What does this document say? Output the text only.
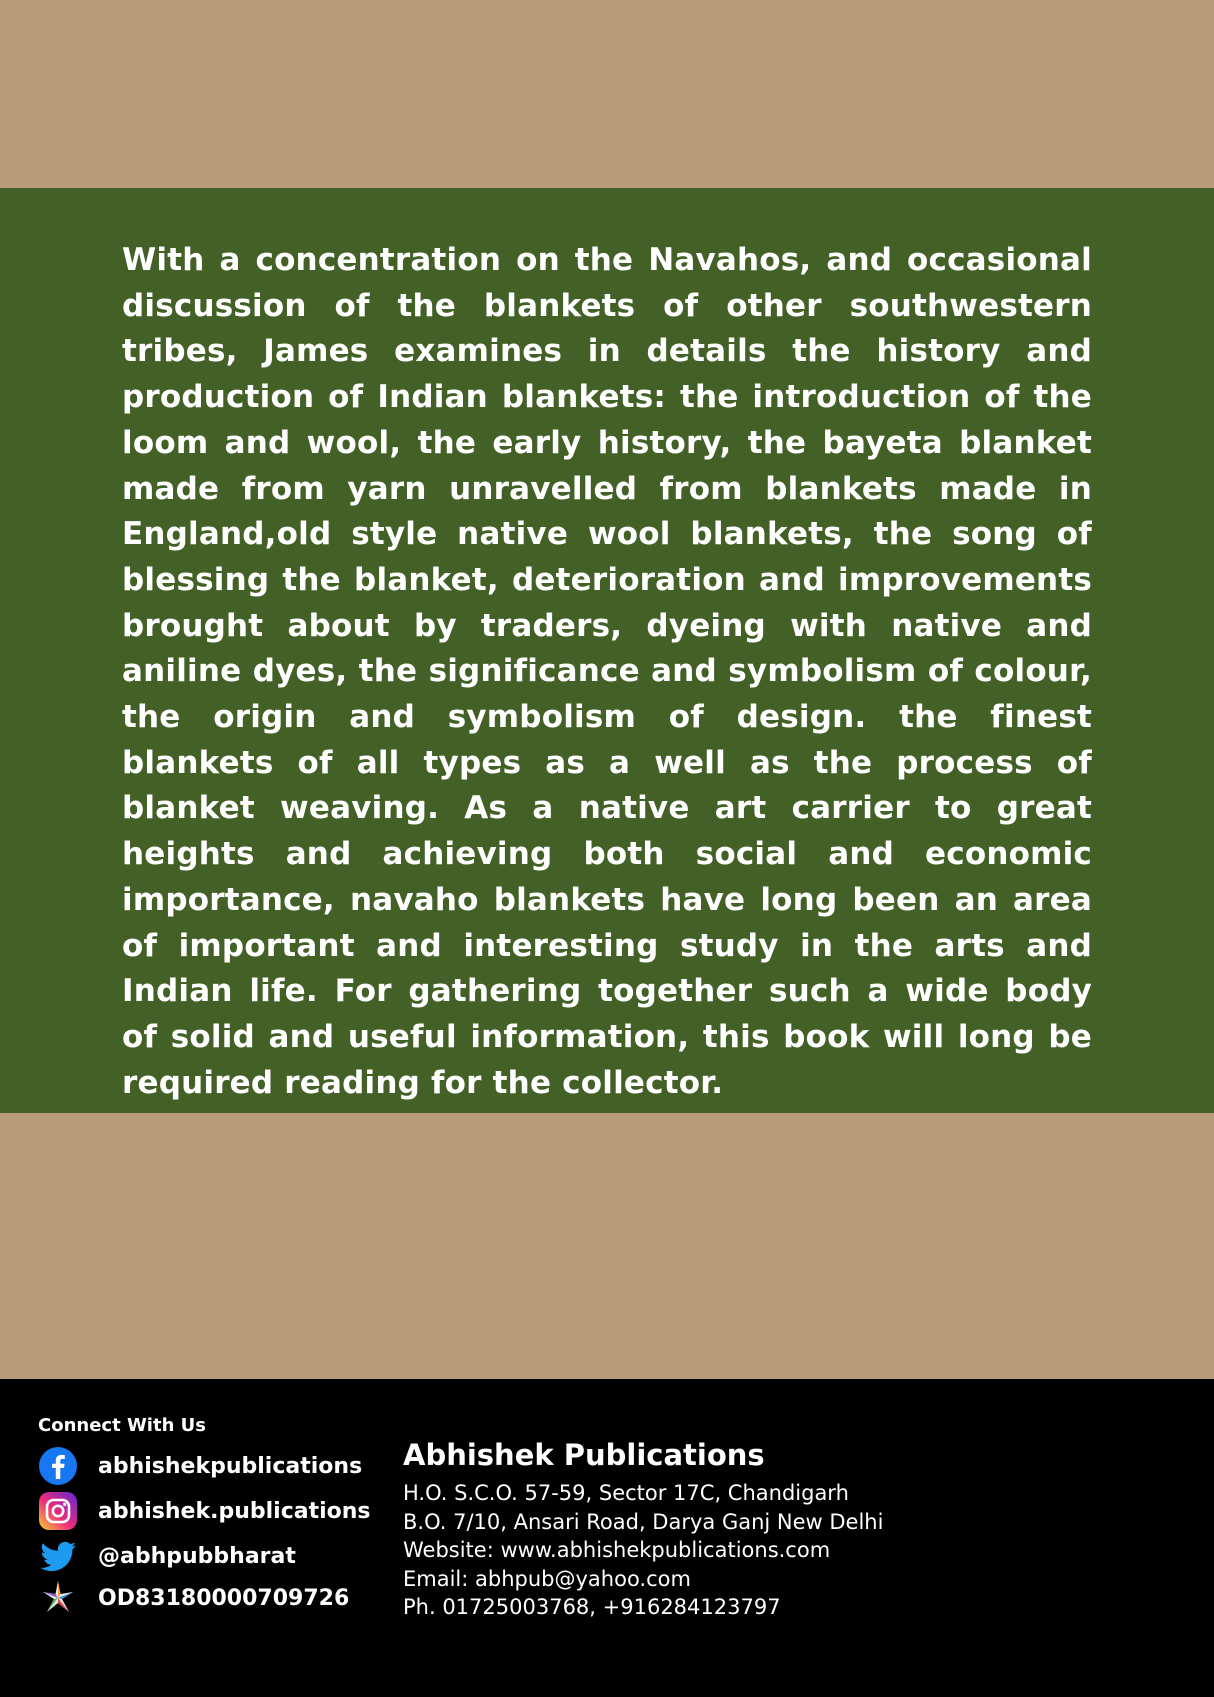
With a concentration on the Navahos, and occasional discussion of the blankets of other southwestern tribes, James examines in details the history and production of Indian blankets: the introduction of the loom and wool, the early history, the bayeta blanket made from yarn unravelled from blankets made in England,old style native wool blankets, the song of blessing the blanket, deterioration and improvements brought about by traders, dyeing with native and aniline dyes, the significance and symbolism of colour, the origin and symbolism of design. the finest blankets of all types as a well as the process of blanket weaving. As a native art carrier to great heights and achieving both social and economic importance, navaho blankets have long been an area of important and interesting study in the arts and Indian life. For gathering together such a wide body of solid and useful information, this book will long be required reading for the collector.

Connect With Us

abhishekpublications
abhishek.publications
@abhpubbharat
OD83180000709726

Abhishek Publications

H.O. S.C.O. 57-59, Sector 17C, Chandigarh
B.O. 7/10, Ansari Road, Darya Ganj New Delhi
Website: www.abhishekpublications.com
Email: abhpub@yahoo.com
Ph. 01725003768, +916284123797
